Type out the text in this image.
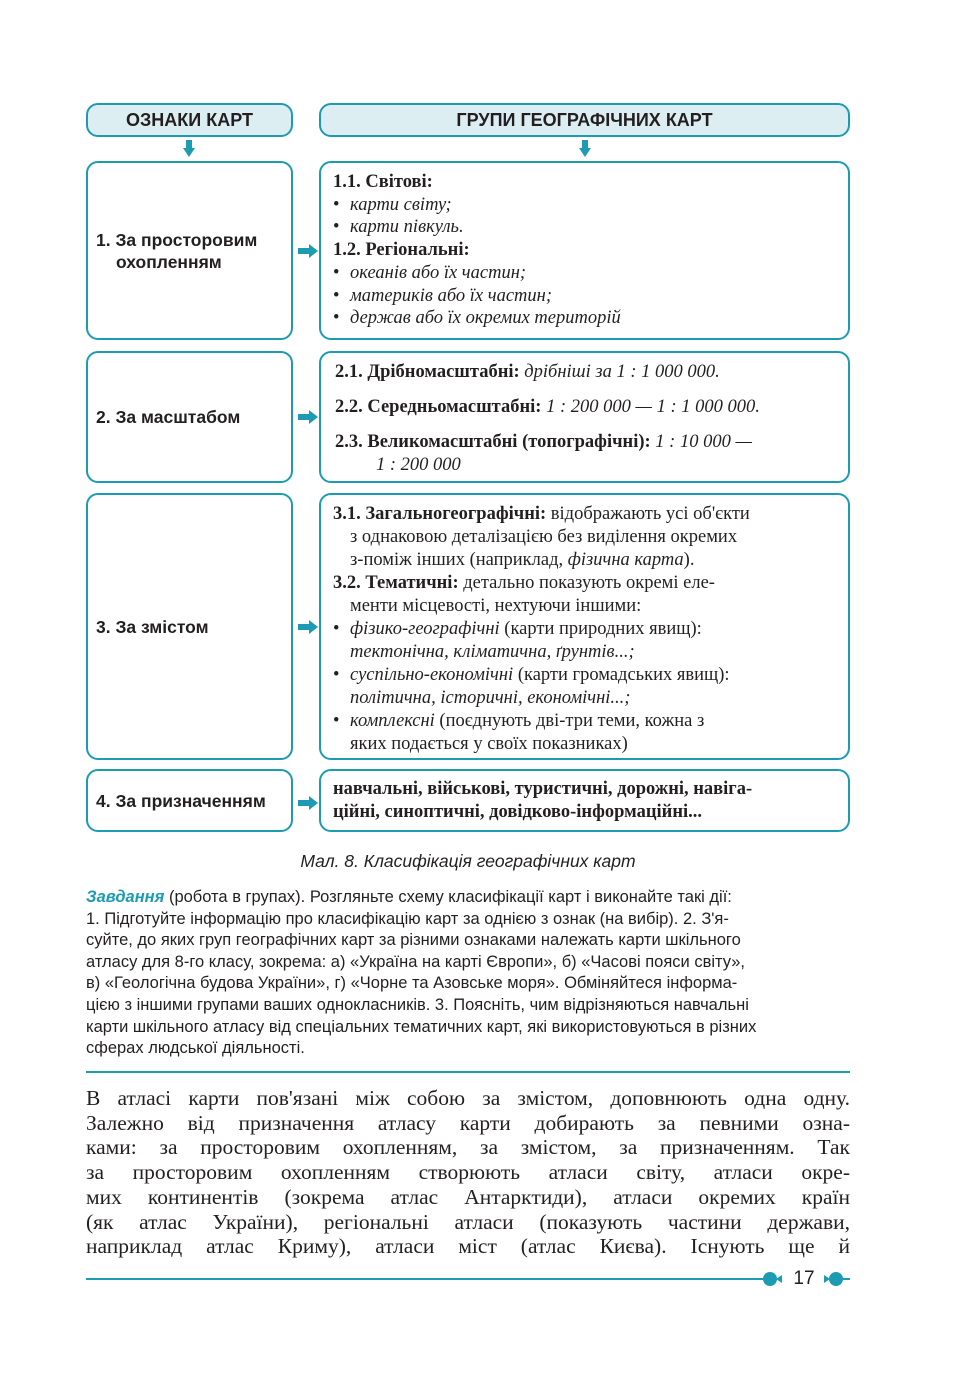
ОЗНАКИ КАРТ	ГРУПИ ГЕОГРАФІЧНИХ КАРТ
1. За просторовим
охопленням
1.1. Світові:
• карти світу;
• карти півкуль.
1.2. Регіональні:
• океанів або їх частин;
• материків або їх частин;
• держав або їх окремих територій
2. За масштабом
2.1. Дрібномасштабні: дрібніші за 1 : 1 000 000.
2.2. Середньомасштабні: 1 : 200 000 — 1 : 1 000 000.
2.3. Великомасштабні (топографічні): 1 : 10 000 —
1 : 200 000
3. За змістом
3.1. Загальногеографічні: відображають усі об'єкти
з однаковою деталізацією без виділення окремих
з-поміж інших (наприклад, фізична карта).
3.2. Тематичні: детально показують окремі еле-
менти місцевості, нехтуючи іншими:
• фізико-географічні (карти природних явищ):
тектонічна, кліматична, ґрунтів...;
• суспільно-економічні (карти громадських явищ):
політична, історичні, економічні...;
• комплексні (поєднують дві-три теми, кожна з
яких подається у своїх показниках)
4. За призначенням
навчальні, військові, туристичні, дорожні, навіга-
ційні, синоптичні, довідково-інформаційні...
Мал. 8. Класифікація географічних карт
Завдання (робота в групах). Розгляньте схему класифікації карт і виконайте такі дії:
1. Підготуйте інформацію про класифікацію карт за однією з ознак (на вибір). 2. З'я-
суйте, до яких груп географічних карт за різними ознаками належать карти шкільного
атласу для 8-го класу, зокрема: а) «Україна на карті Європи», б) «Часові пояси світу»,
в) «Геологічна будова України», г) «Чорне та Азовське моря». Обміняйтеся інформа-
цією з іншими групами ваших однокласників. 3. Поясніть, чим відрізняються навчальні
карти шкільного атласу від спеціальних тематичних карт, які використовуються в різних
сферах людської діяльності.
В атласі карти пов'язані між собою за змістом, доповнюють одна одну.
Залежно від призначення атласу карти добирають за певними озна-
ками: за просторовим охопленням, за змістом, за призначенням. Так
за просторовим охопленням створюють атласи світу, атласи окре-
мих континентів (зокрема атлас Антарктиди), атласи окремих країн
(як атлас України), регіональні атласи (показують частини держави,
наприклад атлас Криму), атласи міст (атлас Києва). Існують ще й
17
